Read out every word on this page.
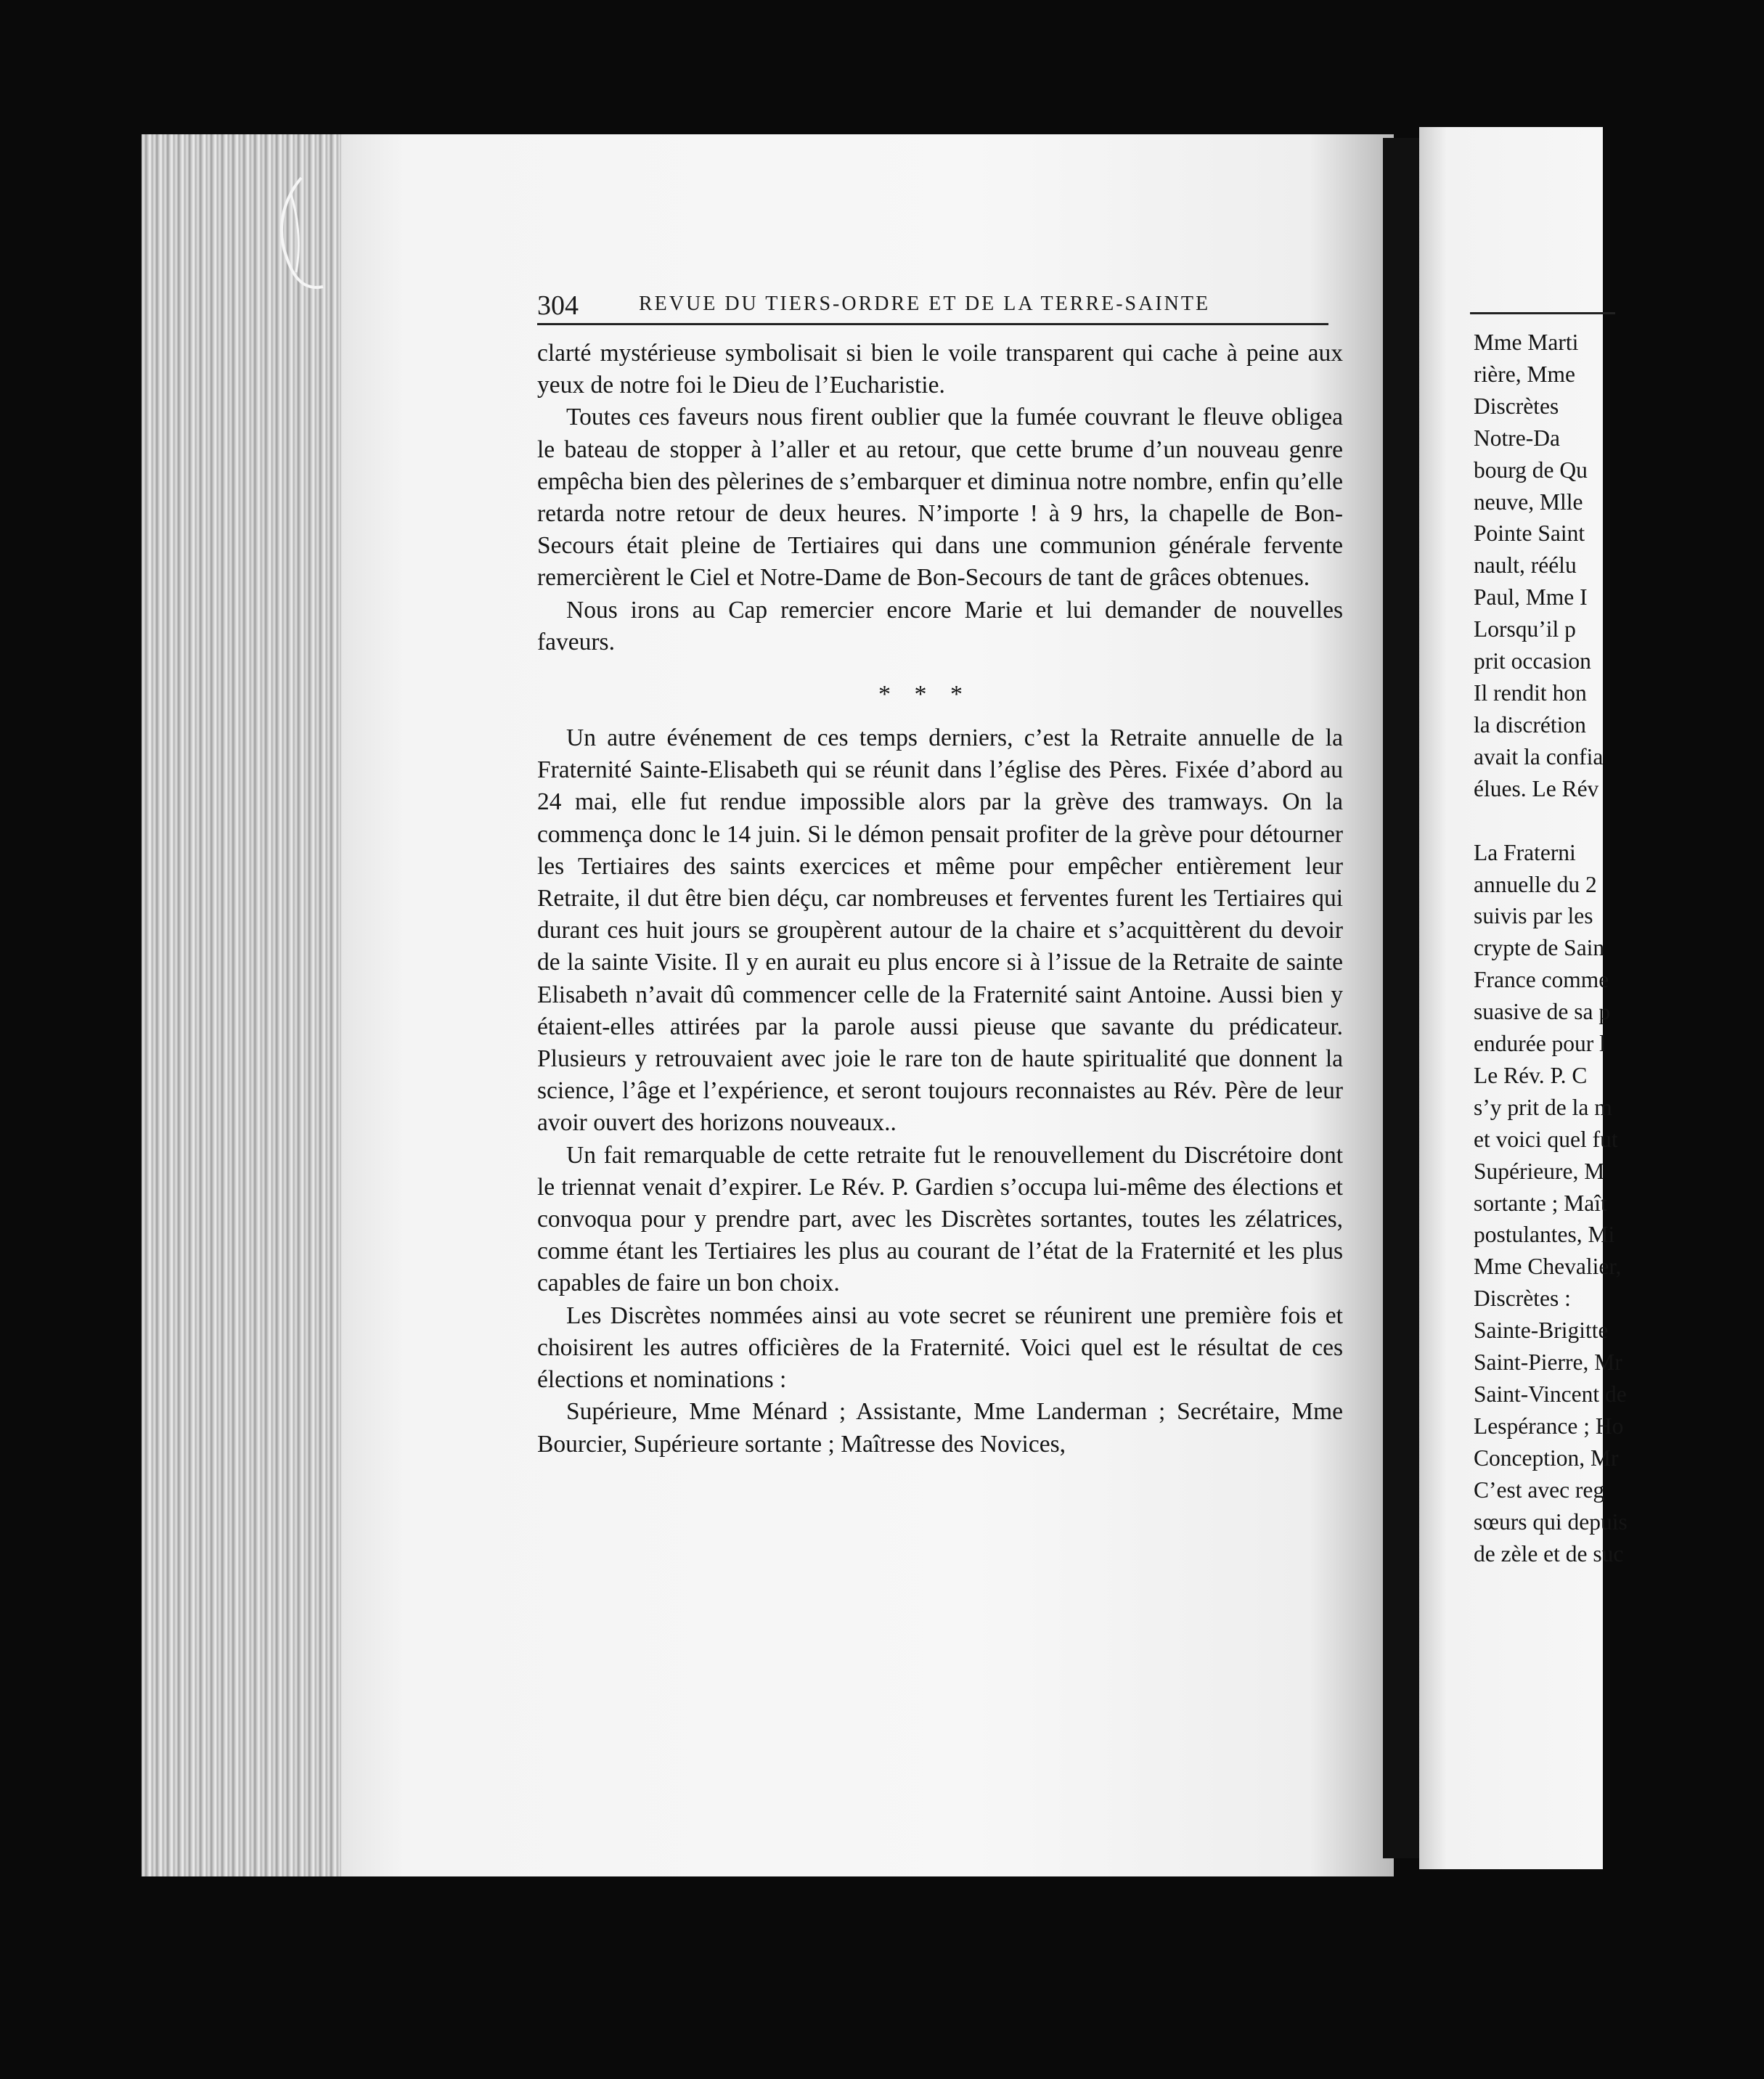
304	REVUE DU TIERS-ORDRE ET DE LA TERRE-SAINTE

clarté mystérieuse symbolisait si bien le voile transparent qui cache à peine aux yeux de notre foi le Dieu de l’Eucharistie.

Toutes ces faveurs nous firent oublier que la fumée couvrant le fleuve obligea le bateau de stopper à l’aller et au retour, que cette brume d’un nouveau genre empêcha bien des pèlerines de s’embarquer et diminua notre nombre, enfin qu’elle retarda notre retour de deux heures. N’importe ! à 9 hrs, la chapelle de Bon-Secours était pleine de Tertiaires qui dans une communion générale fervente remercièrent le Ciel et Notre-Dame de Bon-Secours de tant de grâces obtenues.

Nous irons au Cap remercier encore Marie et lui demander de nouvelles faveurs.

* * *

Un autre événement de ces temps derniers, c’est la Retraite annuelle de la Fraternité Sainte-Elisabeth qui se réunit dans l’église des Pères. Fixée d’abord au 24 mai, elle fut rendue impossible alors par la grève des tramways. On la commença donc le 14 juin. Si le démon pensait profiter de la grève pour détourner les Tertiaires des saints exercices et même pour empêcher entièrement leur Retraite, il dut être bien déçu, car nombreuses et ferventes furent les Tertiaires qui durant ces huit jours se groupèrent autour de la chaire et s’acquittèrent du devoir de la sainte Visite. Il y en aurait eu plus encore si à l’issue de la Retraite de sainte Elisabeth n’avait dû commencer celle de la Fraternité saint Antoine. Aussi bien y étaient-elles attirées par la parole aussi pieuse que savante du prédicateur. Plusieurs y retrouvaient avec joie le rare ton de haute spiritualité que donnent la science, l’âge et l’expérience, et seront toujours reconnaistes au Rév. Père de leur avoir ouvert des horizons nouveaux..

Un fait remarquable de cette retraite fut le renouvellement du Discrétoire dont le triennat venait d’expirer. Le Rév. P. Gardien s’occupa lui-même des élections et convoqua pour y prendre part, avec les Discrètes sortantes, toutes les zélatrices, comme étant les Tertiaires les plus au courant de l’état de la Fraternité et les plus capables de faire un bon choix.

Les Discrètes nommées ainsi au vote secret se réunirent une première fois et choisirent les autres officières de la Fraternité. Voici quel est le résultat de ces élections et nominations :

Supérieure, Mme Ménard ; Assistante, Mme Landerman ; Secrétaire, Mme Bourcier, Supérieure sortante ; Maîtresse des Novices,

Mme Marti
rière, Mme
Discrètes
Notre-Da
bourg de Qu
neuve, Mlle
Pointe Saint
nault, réélu
Paul, Mme I
Lorsqu’il p
prit occasion
Il rendit hon
la discrétion
avait la confia
élues. Le Rév
La Fraterni
annuelle du 2
suivis par les
crypte de Sain
France comme
suasive de sa p
endurée pour l
Le Rév. P. C
s’y prit de la m
et voici quel fut
Supérieure, M
sortante ; Maît
postulantes, Mi
Mme Chevalier,
Discrètes :
Sainte-Brigitte
Saint-Pierre, Mr
Saint-Vincent de
Lespérance ; Ho
Conception, Mr
C’est avec reg
sœurs qui depuis
de zèle et de suc
